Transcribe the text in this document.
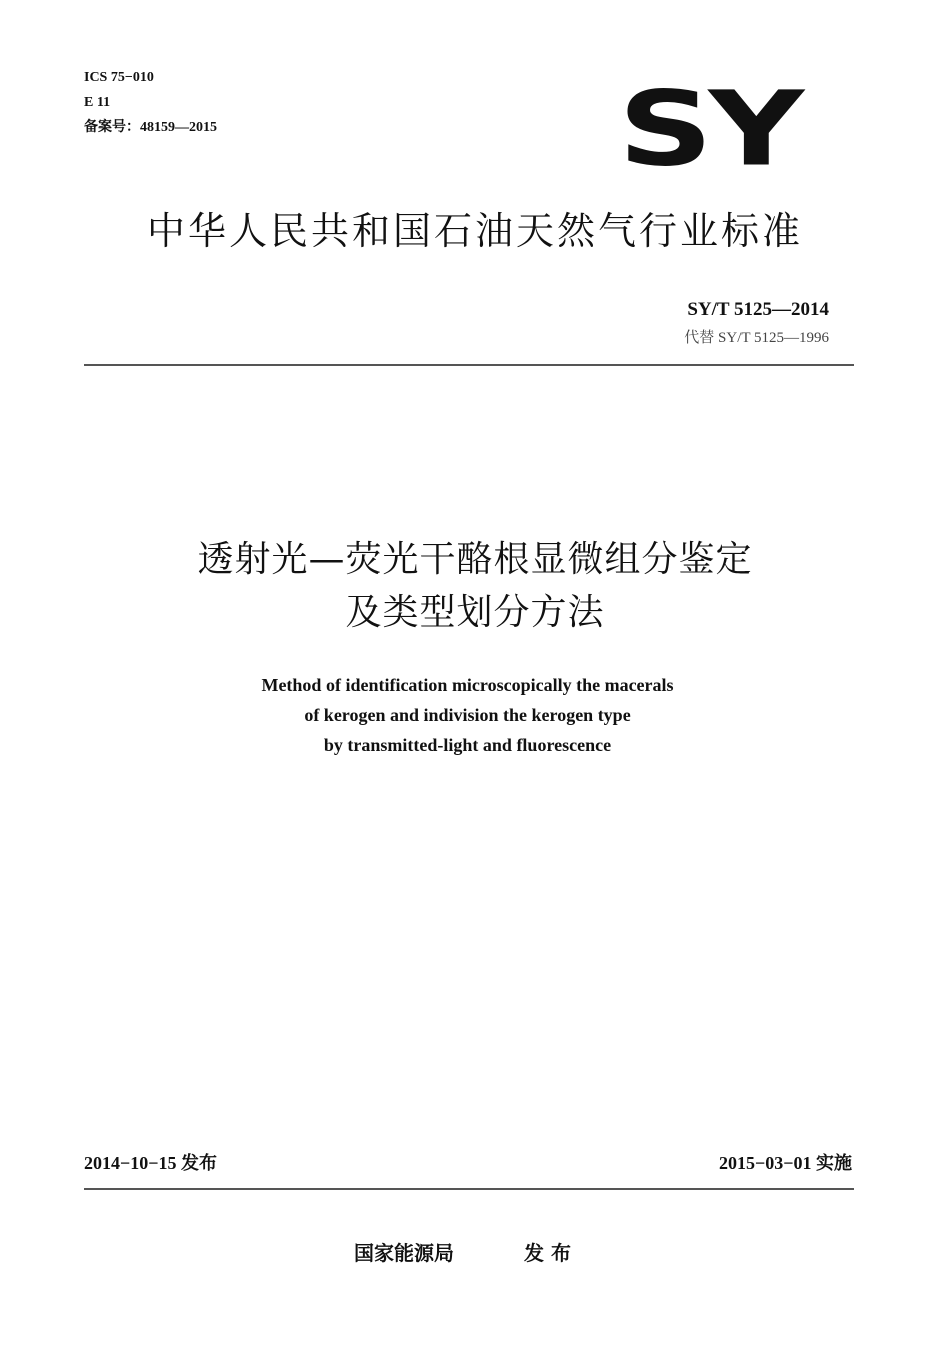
ICS 75−010
E 11
备案号：48159—2015	SY
中华人民共和国石油天然气行业标准
SY/T 5125—2014
代替 SY/T 5125—1996
透射光—荧光干酪根显微组分鉴定
及类型划分方法
Method of identification microscopically the macerals
of kerogen and indivision the kerogen type
by transmitted-light and fluorescence
2014−10−15 发布	2015−03−01 实施
国家能源局	发 布
